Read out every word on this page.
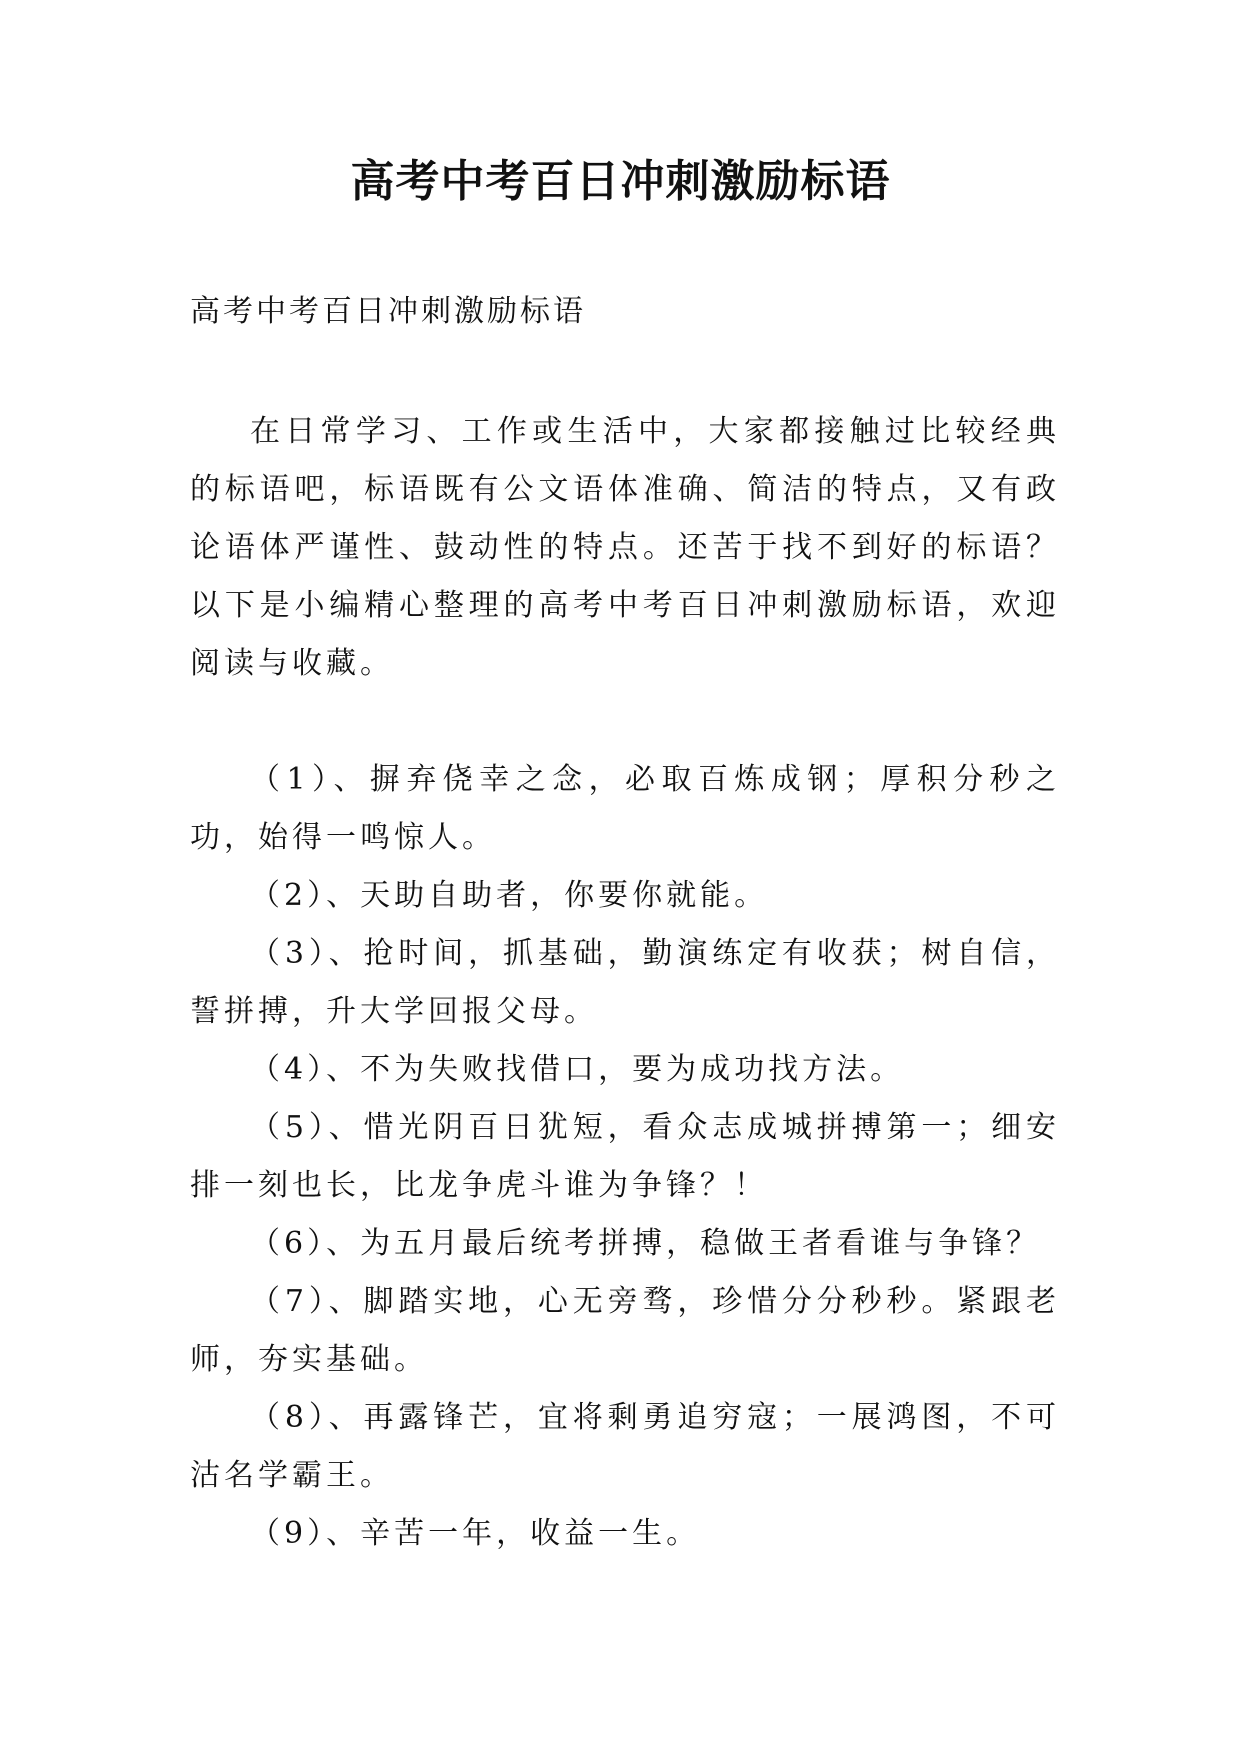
高考中考百日冲刺激励标语

高考中考百日冲刺激励标语

在日常学习、工作或生活中，大家都接触过比较经典的标语吧，标语既有公文语体准确、简洁的特点，又有政论语体严谨性、鼓动性的特点。还苦于找不到好的标语？以下是小编精心整理的高考中考百日冲刺激励标语，欢迎阅读与收藏。

（1）、摒弃侥幸之念，必取百炼成钢；厚积分秒之功，始得一鸣惊人。

（2）、天助自助者，你要你就能。

（3）、抢时间，抓基础，勤演练定有收获；树自信，誓拼搏，升大学回报父母。

（4）、不为失败找借口，要为成功找方法。

（5）、惜光阴百日犹短，看众志成城拼搏第一；细安排一刻也长，比龙争虎斗谁为争锋？！

（6）、为五月最后统考拼搏，稳做王者看谁与争锋？

（7）、脚踏实地，心无旁骛，珍惜分分秒秒。紧跟老师，夯实基础。

（8）、再露锋芒，宜将剩勇追穷寇；一展鸿图，不可沽名学霸王。

（9）、辛苦一年，收益一生。
